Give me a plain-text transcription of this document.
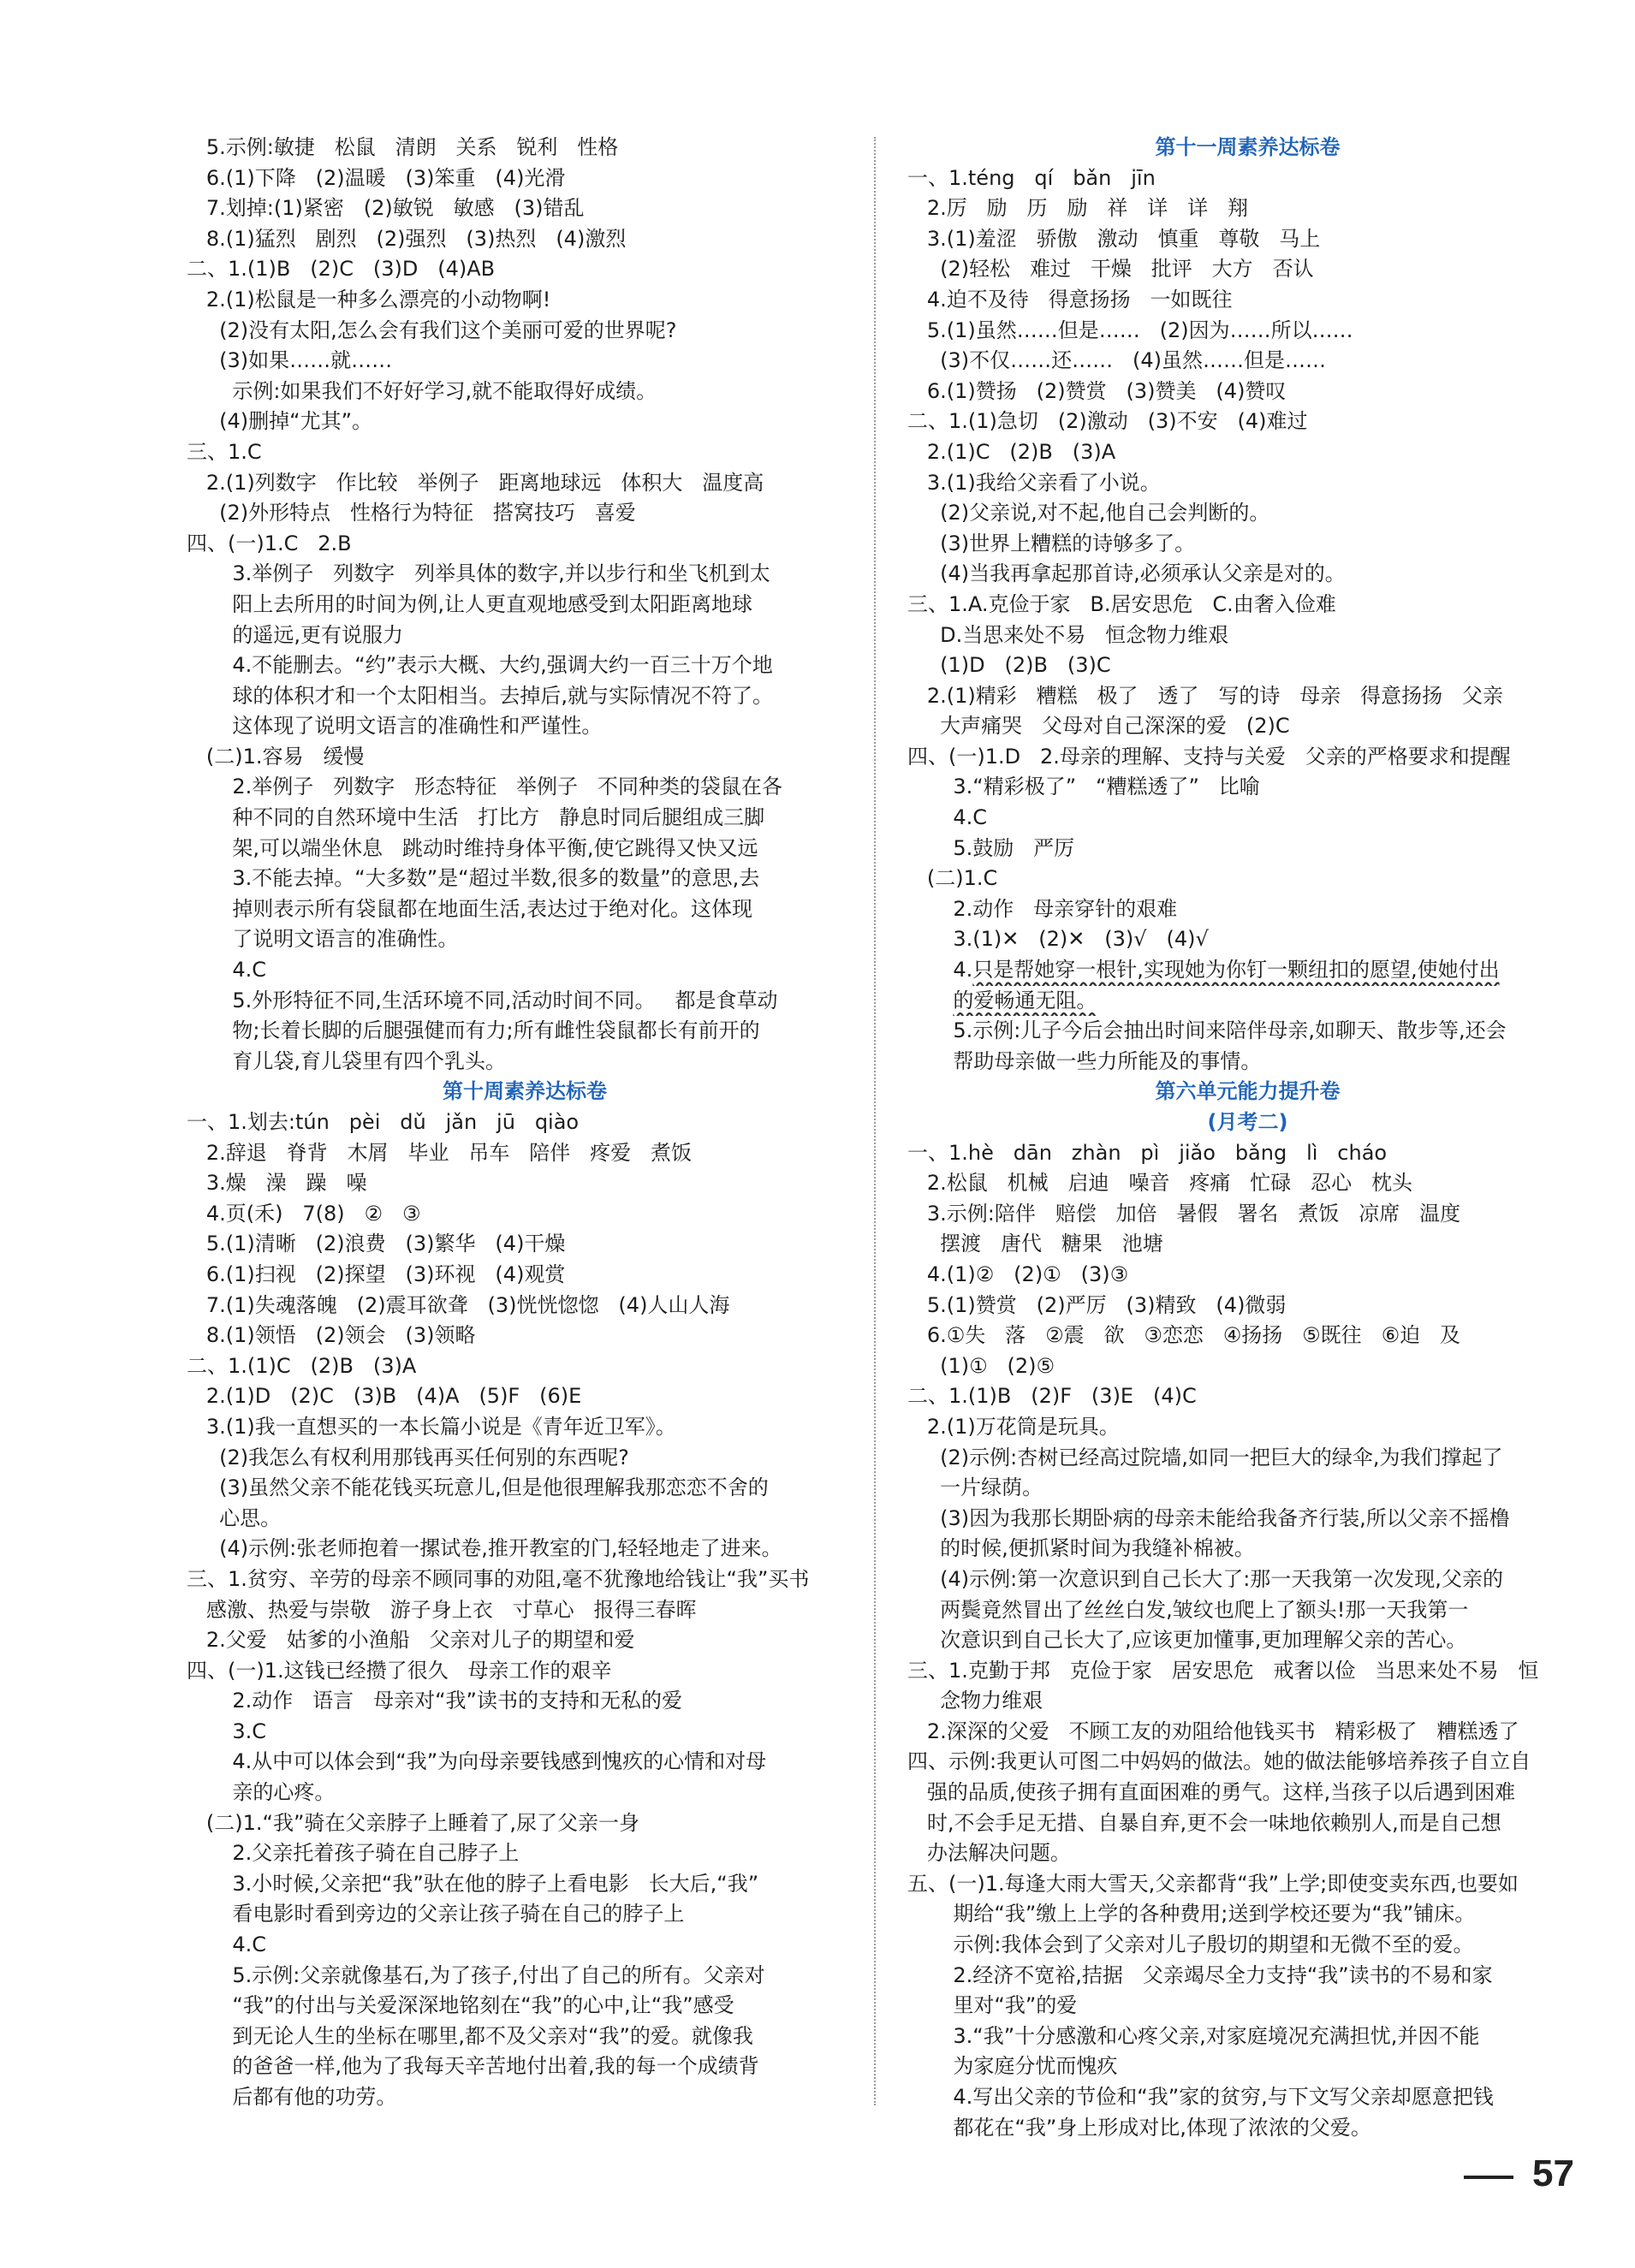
5.示例:敏捷   松鼠   清朗   关系   锐利   性格
6.(1)下降   (2)温暖   (3)笨重   (4)光滑
7.划掉:(1)紧密   (2)敏锐   敏感   (3)错乱
8.(1)猛烈   剧烈   (2)强烈   (3)热烈   (4)激烈
二、1.(1)B   (2)C   (3)D   (4)AB
2.(1)松鼠是一种多么漂亮的小动物啊!
(2)没有太阳,怎么会有我们这个美丽可爱的世界呢?
(3)如果……就……
示例:如果我们不好好学习,就不能取得好成绩。
(4)删掉“尤其”。
三、1.C
2.(1)列数字   作比较   举例子   距离地球远   体积大   温度高
(2)外形特点   性格行为特征   搭窝技巧   喜爱
四、(一)1.C   2.B
3.举例子   列数字   列举具体的数字,并以步行和坐飞机到太
阳上去所用的时间为例,让人更直观地感受到太阳距离地球
的遥远,更有说服力
4.不能删去。“约”表示大概、大约,强调大约一百三十万个地
球的体积才和一个太阳相当。去掉后,就与实际情况不符了。
这体现了说明文语言的准确性和严谨性。
(二)1.容易   缓慢
2.举例子   列数字   形态特征   举例子   不同种类的袋鼠在各
种不同的自然环境中生活   打比方   静息时同后腿组成三脚
架,可以端坐休息   跳动时维持身体平衡,使它跳得又快又远
3.不能去掉。“大多数”是“超过半数,很多的数量”的意思,去
掉则表示所有袋鼠都在地面生活,表达过于绝对化。这体现
了说明文语言的准确性。
4.C
5.外形特征不同,生活环境不同,活动时间不同。   都是食草动
物;长着长脚的后腿强健而有力;所有雌性袋鼠都长有前开的
育儿袋,育儿袋里有四个乳头。
第十周素养达标卷
一、1.划去:tún   pèi   dǔ   jǎn   jū   qiào
2.辞退   脊背   木屑   毕业   吊车   陪伴   疼爱   煮饭
3.燥   澡   躁   噪
4.页(禾)   7(8)   ②   ③
5.(1)清晰   (2)浪费   (3)繁华   (4)干燥
6.(1)扫视   (2)探望   (3)环视   (4)观赏
7.(1)失魂落魄   (2)震耳欲聋   (3)恍恍惚惚   (4)人山人海
8.(1)领悟   (2)领会   (3)领略
二、1.(1)C   (2)B   (3)A
2.(1)D   (2)C   (3)B   (4)A   (5)F   (6)E
3.(1)我一直想买的一本长篇小说是《青年近卫军》。
(2)我怎么有权利用那钱再买任何别的东西呢?
(3)虽然父亲不能花钱买玩意儿,但是他很理解我那恋恋不舍的
心思。
(4)示例:张老师抱着一摞试卷,推开教室的门,轻轻地走了进来。
三、1.贫穷、辛劳的母亲不顾同事的劝阻,毫不犹豫地给钱让“我”买书
感激、热爱与崇敬   游子身上衣   寸草心   报得三春晖
2.父爱   姑爹的小渔船   父亲对儿子的期望和爱
四、(一)1.这钱已经攒了很久   母亲工作的艰辛
2.动作   语言   母亲对“我”读书的支持和无私的爱
3.C
4.从中可以体会到“我”为向母亲要钱感到愧疚的心情和对母
亲的心疼。
(二)1.“我”骑在父亲脖子上睡着了,尿了父亲一身
2.父亲托着孩子骑在自己脖子上
3.小时候,父亲把“我”驮在他的脖子上看电影   长大后,“我”
看电影时看到旁边的父亲让孩子骑在自己的脖子上
4.C
5.示例:父亲就像基石,为了孩子,付出了自己的所有。父亲对
“我”的付出与关爱深深地铭刻在“我”的心中,让“我”感受
到无论人生的坐标在哪里,都不及父亲对“我”的爱。就像我
的爸爸一样,他为了我每天辛苦地付出着,我的每一个成绩背
后都有他的功劳。
第十一周素养达标卷
一、1.téng   qí   bǎn   jīn
2.厉   励   历   励   祥   详   详   翔
3.(1)羞涩   骄傲   激动   慎重   尊敬   马上
(2)轻松   难过   干燥   批评   大方   否认
4.迫不及待   得意扬扬   一如既往
5.(1)虽然……但是……   (2)因为……所以……
(3)不仅……还……   (4)虽然……但是……
6.(1)赞扬   (2)赞赏   (3)赞美   (4)赞叹
二、1.(1)急切   (2)激动   (3)不安   (4)难过
2.(1)C   (2)B   (3)A
3.(1)我给父亲看了小说。
(2)父亲说,对不起,他自己会判断的。
(3)世界上糟糕的诗够多了。
(4)当我再拿起那首诗,必须承认父亲是对的。
三、1.A.克俭于家   B.居安思危   C.由奢入俭难
D.当思来处不易   恒念物力维艰
(1)D   (2)B   (3)C
2.(1)精彩   糟糕   极了   透了   写的诗   母亲   得意扬扬   父亲
大声痛哭   父母对自己深深的爱   (2)C
四、(一)1.D   2.母亲的理解、支持与关爱   父亲的严格要求和提醒
3.“精彩极了”   “糟糕透了”   比喻
4.C
5.鼓励   严厉
(二)1.C
2.动作   母亲穿针的艰难
3.(1)✕   (2)✕   (3)√   (4)√
4.只是帮她穿一根针,实现她为你钉一颗纽扣的愿望,使她付出
的爱畅通无阻。
5.示例:儿子今后会抽出时间来陪伴母亲,如聊天、散步等,还会
帮助母亲做一些力所能及的事情。
第六单元能力提升卷
(月考二)
一、1.hè   dān   zhàn   pì   jiǎo   bǎng   lì   cháo
2.松鼠   机械   启迪   噪音   疼痛   忙碌   忍心   枕头
3.示例:陪伴   赔偿   加倍   暑假   署名   煮饭   凉席   温度
摆渡   唐代   糖果   池塘
4.(1)②   (2)①   (3)③
5.(1)赞赏   (2)严厉   (3)精致   (4)微弱
6.①失   落   ②震   欲   ③恋恋   ④扬扬   ⑤既往   ⑥迫   及
(1)①   (2)⑤
二、1.(1)B   (2)F   (3)E   (4)C
2.(1)万花筒是玩具。
(2)示例:杏树已经高过院墙,如同一把巨大的绿伞,为我们撑起了
一片绿荫。
(3)因为我那长期卧病的母亲未能给我备齐行装,所以父亲不摇橹
的时候,便抓紧时间为我缝补棉被。
(4)示例:第一次意识到自己长大了:那一天我第一次发现,父亲的
两鬓竟然冒出了丝丝白发,皱纹也爬上了额头!那一天我第一
次意识到自己长大了,应该更加懂事,更加理解父亲的苦心。
三、1.克勤于邦   克俭于家   居安思危   戒奢以俭   当思来处不易   恒
念物力维艰
2.深深的父爱   不顾工友的劝阻给他钱买书   精彩极了   糟糕透了
四、示例:我更认可图二中妈妈的做法。她的做法能够培养孩子自立自
强的品质,使孩子拥有直面困难的勇气。这样,当孩子以后遇到困难
时,不会手足无措、自暴自弃,更不会一味地依赖别人,而是自己想
办法解决问题。
五、(一)1.每逢大雨大雪天,父亲都背“我”上学;即使变卖东西,也要如
期给“我”缴上上学的各种费用;送到学校还要为“我”铺床。
示例:我体会到了父亲对儿子殷切的期望和无微不至的爱。
2.经济不宽裕,拮据   父亲竭尽全力支持“我”读书的不易和家
里对“我”的爱
3.“我”十分感激和心疼父亲,对家庭境况充满担忧,并因不能
为家庭分忧而愧疚
4.写出父亲的节俭和“我”家的贫穷,与下文写父亲却愿意把钱
都花在“我”身上形成对比,体现了浓浓的父爱。
57
